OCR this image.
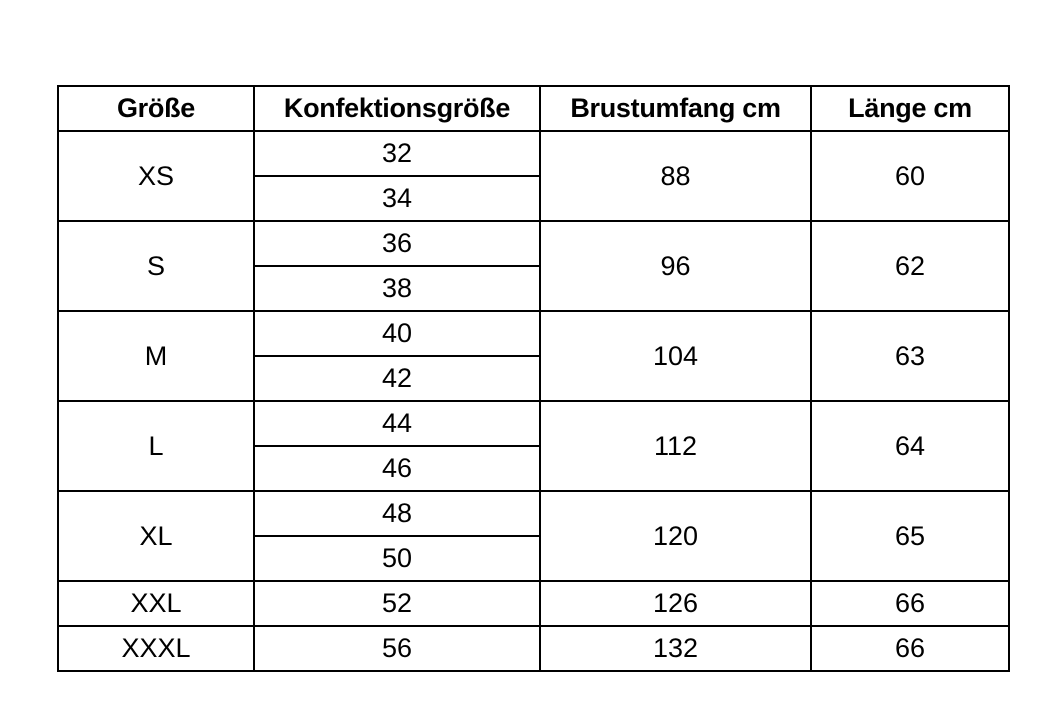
Größe	Konfektionsgröße	Brustumfang cm	Länge cm
XS	32	88	60
	34		
S	36	96	62
	38		
M	40	104	63
	42		
L	44	112	64
	46		
XL	48	120	65
	50		
XXL	52	126	66
XXXL	56	132	66
